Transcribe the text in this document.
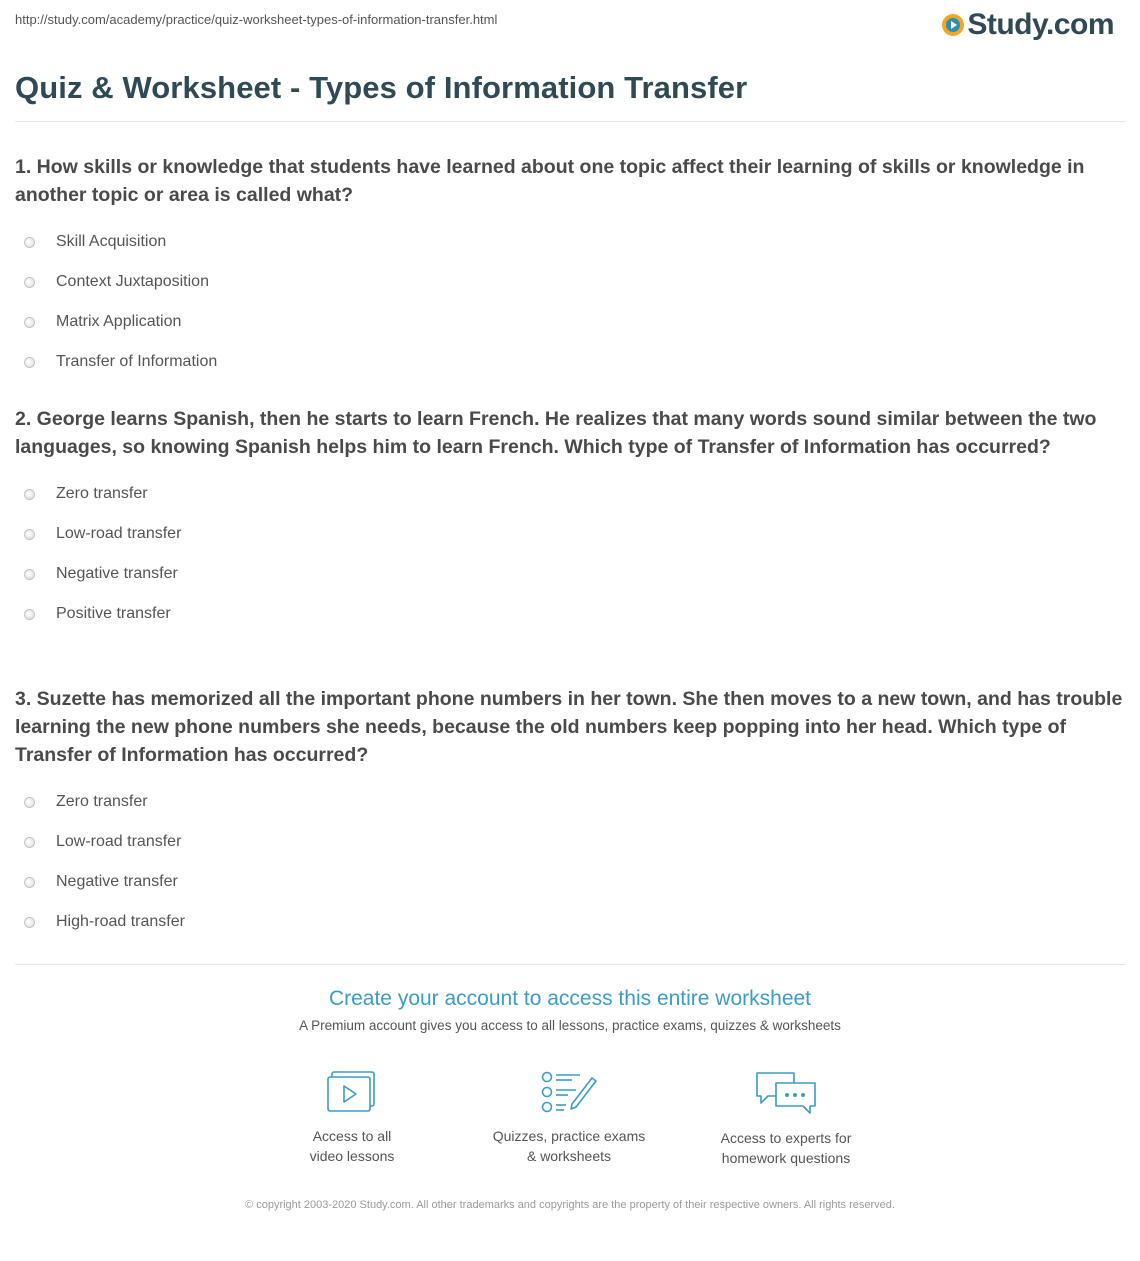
http://study.com/academy/practice/quiz-worksheet-types-of-information-transfer.html	Study.com
Quiz & Worksheet - Types of Information Transfer
1. How skills or knowledge that students have learned about one topic affect their learning of skills or knowledge in another topic or area is called what?
Skill Acquisition
Context Juxtaposition
Matrix Application
Transfer of Information
2. George learns Spanish, then he starts to learn French. He realizes that many words sound similar between the two languages, so knowing Spanish helps him to learn French. Which type of Transfer of Information has occurred?
Zero transfer
Low-road transfer
Negative transfer
Positive transfer
3. Suzette has memorized all the important phone numbers in her town. She then moves to a new town, and has trouble learning the new phone numbers she needs, because the old numbers keep popping into her head. Which type of Transfer of Information has occurred?
Zero transfer
Low-road transfer
Negative transfer
High-road transfer
Create your account to access this entire worksheet
A Premium account gives you access to all lessons, practice exams, quizzes & worksheets
Access to all
video lessons
Quizzes, practice exams
& worksheets
Access to experts for
homework questions
© copyright 2003-2020 Study.com. All other trademarks and copyrights are the property of their respective owners. All rights reserved.
